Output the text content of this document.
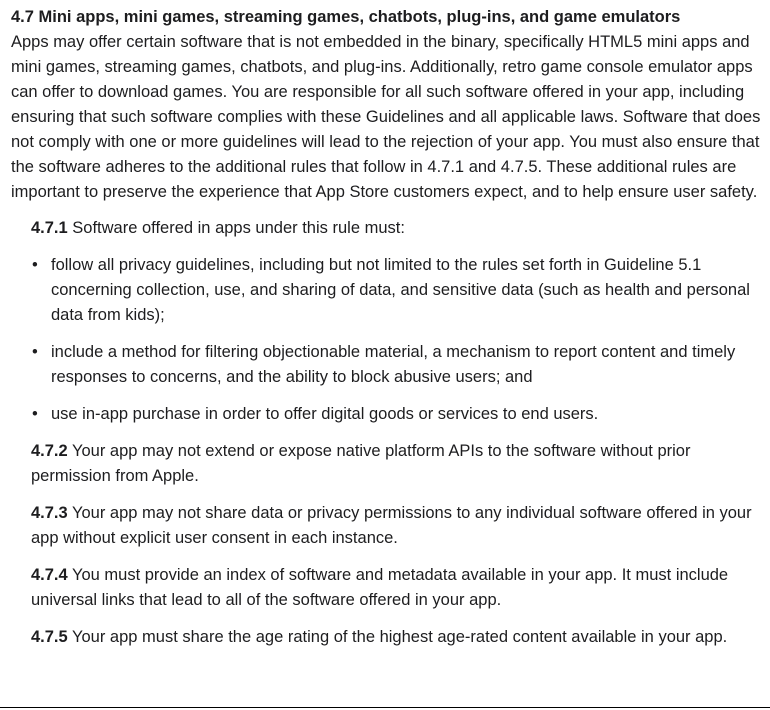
4.7 Mini apps, mini games, streaming games, chatbots, plug-ins, and game emulators

Apps may offer certain software that is not embedded in the binary, specifically HTML5 mini apps and mini games, streaming games, chatbots, and plug-ins. Additionally, retro game console emulator apps can offer to download games. You are responsible for all such software offered in your app, including ensuring that such software complies with these Guidelines and all applicable laws. Software that does not comply with one or more guidelines will lead to the rejection of your app. You must also ensure that the software adheres to the additional rules that follow in 4.7.1 and 4.7.5. These additional rules are important to preserve the experience that App Store customers expect, and to help ensure user safety.

4.7.1 Software offered in apps under this rule must:

• follow all privacy guidelines, including but not limited to the rules set forth in Guideline 5.1 concerning collection, use, and sharing of data, and sensitive data (such as health and personal data from kids);
• include a method for filtering objectionable material, a mechanism to report content and timely responses to concerns, and the ability to block abusive users; and
• use in-app purchase in order to offer digital goods or services to end users.

4.7.2 Your app may not extend or expose native platform APIs to the software without prior permission from Apple.

4.7.3 Your app may not share data or privacy permissions to any individual software offered in your app without explicit user consent in each instance.

4.7.4 You must provide an index of software and metadata available in your app. It must include universal links that lead to all of the software offered in your app.

4.7.5 Your app must share the age rating of the highest age-rated content available in your app.
